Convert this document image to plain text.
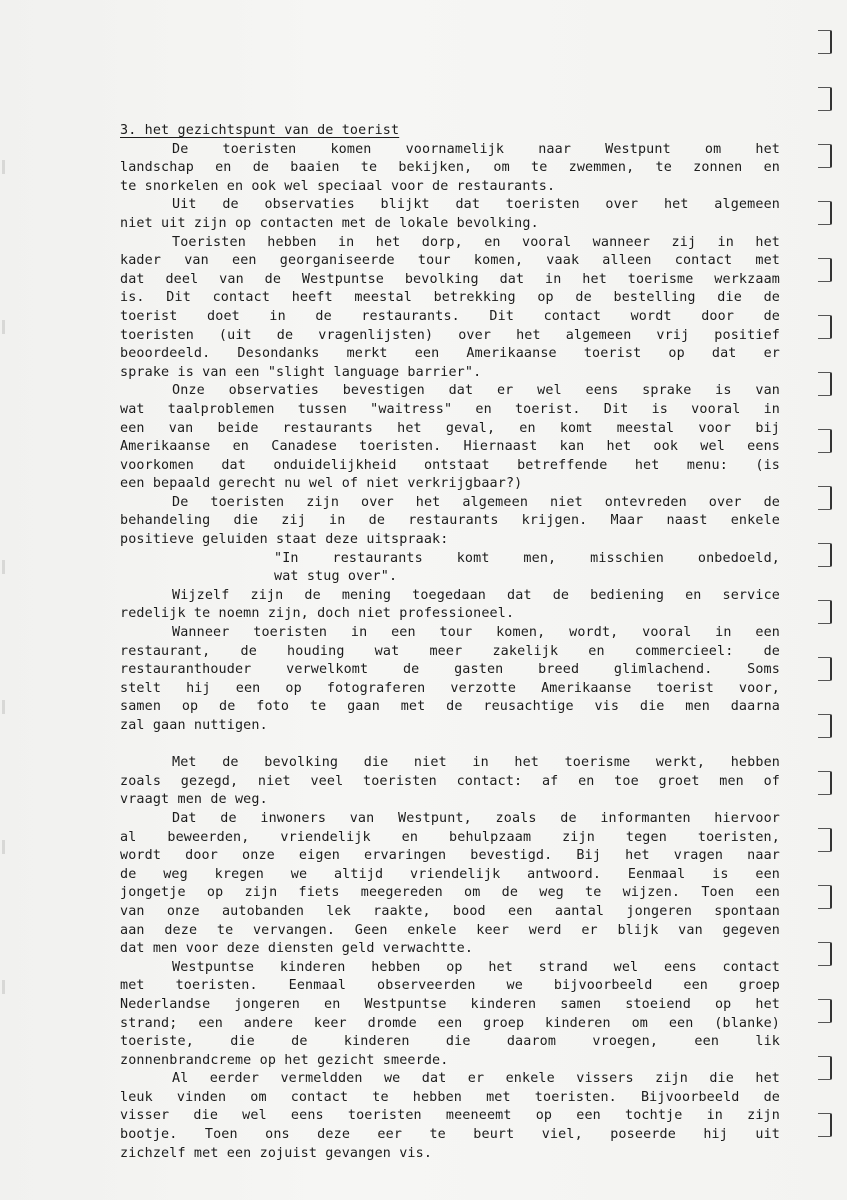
3. het gezichtspunt van de toerist
De toeristen komen voornamelijk naar Westpunt om het
landschap en de baaien te bekijken, om te zwemmen, te zonnen en
te snorkelen en ook wel speciaal voor de restaurants.
Uit de observaties blijkt dat toeristen over het algemeen
niet uit zijn op contacten met de lokale bevolking.
Toeristen hebben in het dorp, en vooral wanneer zij in het
kader van een georganiseerde tour komen, vaak alleen contact met
dat deel van de Westpuntse bevolking dat in het toerisme werkzaam
is. Dit contact heeft meestal betrekking op de bestelling die de
toerist doet in de restaurants. Dit contact wordt door de
toeristen (uit de vragenlijsten) over het algemeen vrij positief
beoordeeld. Desondanks merkt een Amerikaanse toerist op dat er
sprake is van een "slight language barrier".
Onze observaties bevestigen dat er wel eens sprake is van
wat taalproblemen tussen "waitress" en toerist. Dit is vooral in
een van beide restaurants het geval, en komt meestal voor bij
Amerikaanse en Canadese toeristen. Hiernaast kan het ook wel eens
voorkomen dat onduidelijkheid ontstaat betreffende het menu: (is
een bepaald gerecht nu wel of niet verkrijgbaar?)
De toeristen zijn over het algemeen niet ontevreden over de
behandeling die zij in de restaurants krijgen. Maar naast enkele
positieve geluiden staat deze uitspraak:
"In restaurants komt men, misschien onbedoeld,
wat stug over".
Wijzelf zijn de mening toegedaan dat de bediening en service
redelijk te noemn zijn, doch niet professioneel.
Wanneer toeristen in een tour komen, wordt, vooral in een
restaurant, de houding wat meer zakelijk en commercieel: de
restauranthouder verwelkomt de gasten breed glimlachend. Soms
stelt hij een op fotograferen verzotte Amerikaanse toerist voor,
samen op de foto te gaan met de reusachtige vis die men daarna
zal gaan nuttigen.
Met de bevolking die niet in het toerisme werkt, hebben
zoals gezegd, niet veel toeristen contact: af en toe groet men of
vraagt men de weg.
Dat de inwoners van Westpunt, zoals de informanten hiervoor
al beweerden, vriendelijk en behulpzaam zijn tegen toeristen,
wordt door onze eigen ervaringen bevestigd. Bij het vragen naar
de weg kregen we altijd vriendelijk antwoord. Eenmaal is een
jongetje op zijn fiets meegereden om de weg te wijzen. Toen een
van onze autobanden lek raakte, bood een aantal jongeren spontaan
aan deze te vervangen. Geen enkele keer werd er blijk van gegeven
dat men voor deze diensten geld verwachtte.
Westpuntse kinderen hebben op het strand wel eens contact
met toeristen. Eenmaal observeerden we bijvoorbeeld een groep
Nederlandse jongeren en Westpuntse kinderen samen stoeiend op het
strand; een andere keer dromde een groep kinderen om een (blanke)
toeriste, die de kinderen die daarom vroegen, een lik
zonnenbrandcreme op het gezicht smeerde.
Al eerder vermeldden we dat er enkele vissers zijn die het
leuk vinden om contact te hebben met toeristen. Bijvoorbeeld de
visser die wel eens toeristen meeneemt op een tochtje in zijn
bootje. Toen ons deze eer te beurt viel, poseerde hij uit
zichzelf met een zojuist gevangen vis.
